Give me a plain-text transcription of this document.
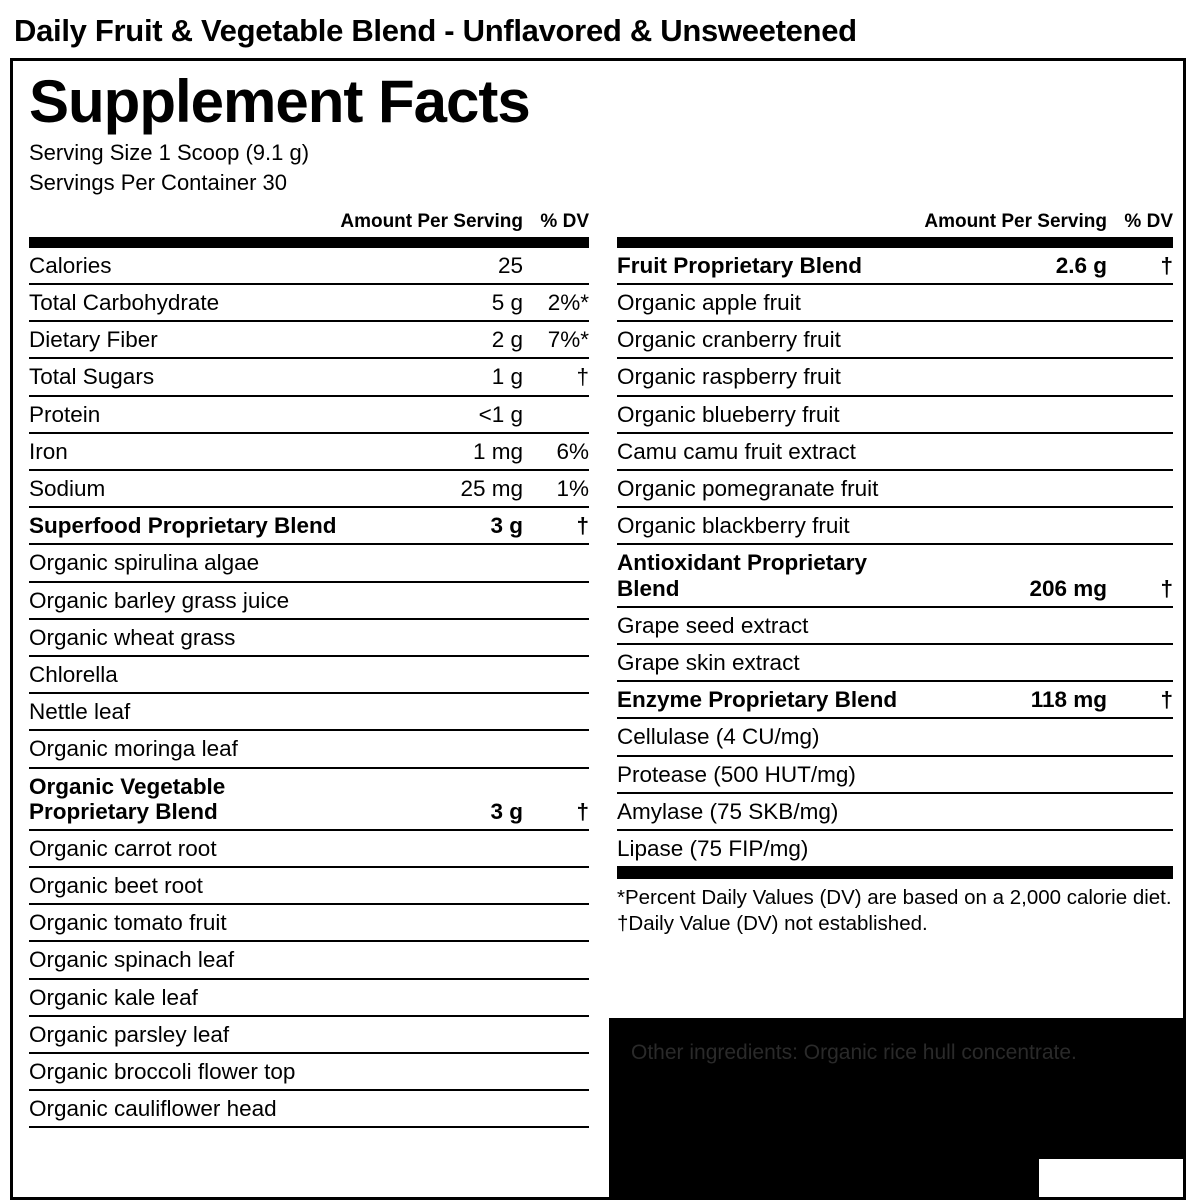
Daily Fruit & Vegetable Blend - Unflavored & Unsweetened
Supplement Facts
Serving Size 1 Scoop (9.1 g)
Servings Per Container 30
	Amount Per Serving	% DV

Calories	25	
Total Carbohydrate	5 g	2%*
Dietary Fiber	2 g	7%*
Total Sugars	1 g	†
Protein	<1 g	
Iron	1 mg	6%
Sodium	25 mg	1%
Superfood Proprietary Blend	3 g	†
Organic spirulina algae		
Organic barley grass juice		
Organic wheat grass		
Chlorella		
Nettle leaf		
Organic moringa leaf		
Organic Vegetable Proprietary Blend	3 g	†
Organic carrot root		
Organic beet root		
Organic tomato fruit		
Organic spinach leaf		
Organic kale leaf		
Organic parsley leaf		
Organic broccoli flower top		
Organic cauliflower head		
	Amount Per Serving	% DV

Fruit Proprietary Blend	2.6 g	†
Organic apple fruit		
Organic cranberry fruit		
Organic raspberry fruit		
Organic blueberry fruit		
Camu camu fruit extract		
Organic pomegranate fruit		
Organic blackberry fruit		
Antioxidant Proprietary Blend	206 mg	†
Grape seed extract		
Grape skin extract		
Enzyme Proprietary Blend	118 mg	†
Cellulase (4 CU/mg)		
Protease (500 HUT/mg)		
Amylase (75 SKB/mg)		
Lipase (75 FIP/mg)		
*Percent Daily Values (DV) are based on a 2,000 calorie diet.
†Daily Value (DV) not established.
Other ingredients: Organic rice hull concentrate.
